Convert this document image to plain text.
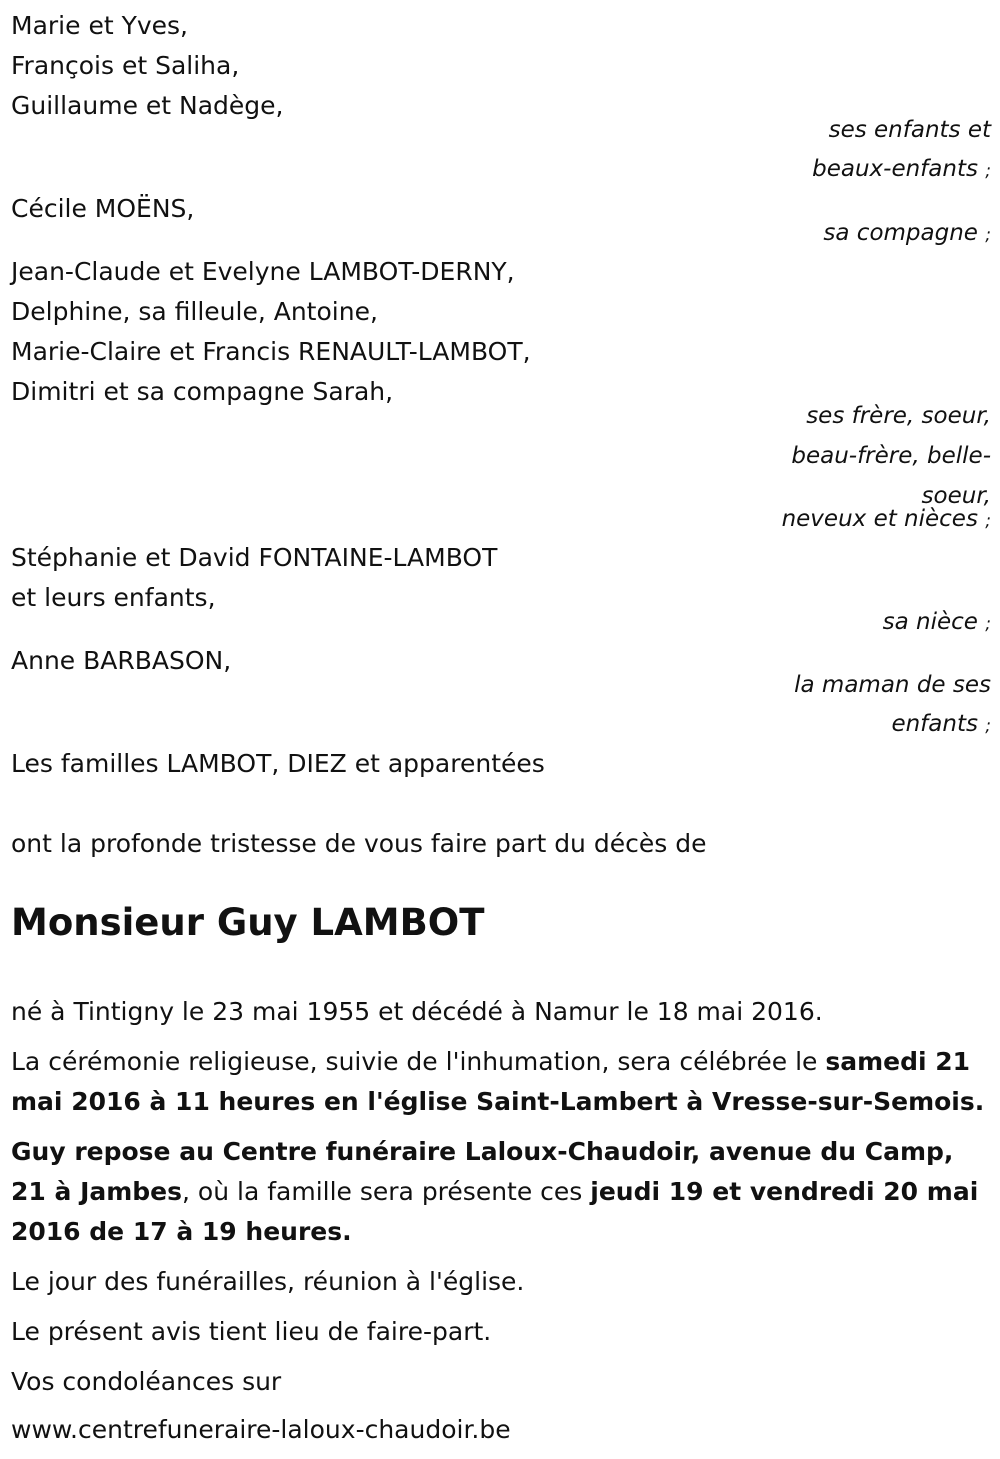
Marie et Yves,
François et Saliha,
Guillaume et Nadège,
ses enfants et
beaux-enfants ;
Cécile MOËNS,
sa compagne ;
Jean-Claude et Evelyne LAMBOT-DERNY,
Delphine, sa filleule, Antoine,
Marie-Claire et Francis RENAULT-LAMBOT,
Dimitri et sa compagne Sarah,
ses frère, soeur,
beau-frère, belle-
soeur,
neveux et nièces ;
Stéphanie et David FONTAINE-LAMBOT
et leurs enfants,
sa nièce ;
Anne BARBASON,
la maman de ses
enfants ;
Les familles LAMBOT, DIEZ et apparentées
ont la profonde tristesse de vous faire part du décès de
Monsieur Guy LAMBOT
né à Tintigny le 23 mai 1955 et décédé à Namur le 18 mai 2016.
La cérémonie religieuse, suivie de l'inhumation, sera célébrée le samedi 21 mai 2016 à 11 heures en l'église Saint-Lambert à Vresse-sur-Semois.
Guy repose au Centre funéraire Laloux-Chaudoir, avenue du Camp, 21 à Jambes, où la famille sera présente ces jeudi 19 et vendredi 20 mai 2016 de 17 à 19 heures.
Le jour des funérailles, réunion à l'église.
Le présent avis tient lieu de faire-part.
Vos condoléances sur
www.centrefuneraire-laloux-chaudoir.be
